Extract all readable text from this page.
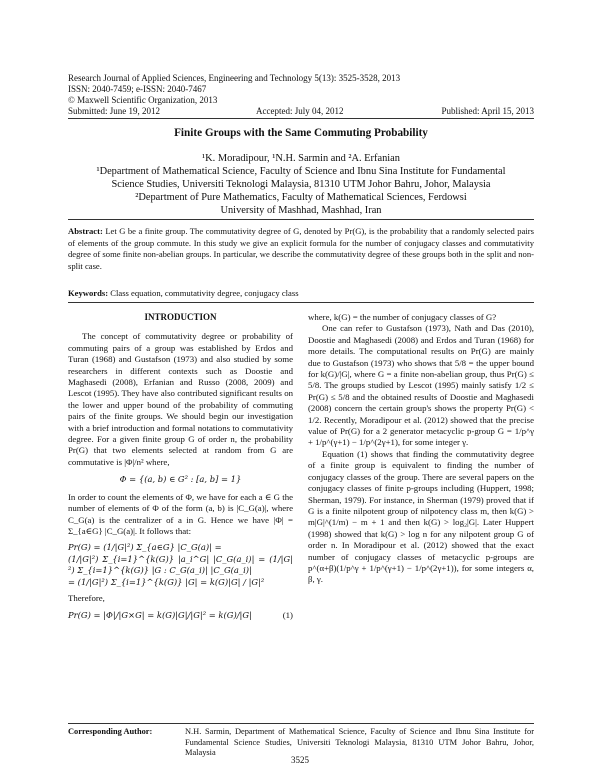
Research Journal of Applied Sciences, Engineering and Technology 5(13): 3525-3528, 2013
ISSN: 2040-7459; e-ISSN: 2040-7467
© Maxwell Scientific Organization, 2013
Submitted: June 19, 2012	Accepted: July 04, 2012	Published: April 15, 2013
Finite Groups with the Same Commuting Probability
¹K. Moradipour, ¹N.H. Sarmin and ²A. Erfanian
¹Department of Mathematical Science, Faculty of Science and Ibnu Sina Institute for Fundamental
Science Studies, Universiti Teknologi Malaysia, 81310 UTM Johor Bahru, Johor, Malaysia
²Department of Pure Mathematics, Faculty of Mathematical Sciences, Ferdowsi
University of Mashhad, Mashhad, Iran
Abstract: Let G be a finite group. The commutativity degree of G, denoted by Pr(G), is the probability that a randomly selected pairs of elements of the group commute. In this study we give an explicit formula for the number of conjugacy classes and commutativity degree of some finite non-abelian groups. In particular, we describe the commutativity degree of these groups both in the split and non-split case.
Keywords: Class equation, commutativity degree, conjugacy class

INTRODUCTION

The concept of commutativity degree or probability of commuting pairs of a group was established by Erdos and Turan (1968) and Gustafson (1973) and also studied by some researchers in different contexts such as Doostie and Maghasedi (2008), Erfanian and Russo (2008, 2009) and Lescot (1995). They have also contributed significant results on the lower and upper bound of the probability of commuting pairs of the finite groups. We should begin our investigation with a brief introduction and formal notations to commutativity degree. For a given finite group G of order n, the probability Pr(G) that two elements selected at random from G are commutative is |Φ|/n² where,

Φ = {(a, b) ∈ G² : [a, b] = 1}

In order to count the elements of Φ, we have for each a ∈ G the number of elements of Φ of the form (a, b) is |C_G(a)|, where C_G(a) is the centralizer of a in G. Hence we have |Φ| = Σ_{a∈G} |C_G(a)|. It follows that:

Pr(G) = (1/|G|²) Σ_{a∈G} |C_G(a)| =

(1/|G|²) Σ_{i=1}^{k(G)} |a_i^G| |C_G(a_i)| = (1/|G|²) Σ_{i=1}^{k(G)} |G : C_G(a_i)| |C_G(a_i)|

= (1/|G|²) Σ_{i=1}^{k(G)} |G| = k(G)|G| / |G|²

Therefore,

Pr(G) = |Φ|/|G×G| = k(G)|G|/|G|² = k(G)/|G|	(1)

where, k(G) = the number of conjugacy classes of G?

One can refer to Gustafson (1973), Nath and Das (2010), Doostie and Maghasedi (2008) and Erdos and Turan (1968) for more details. The computational results on Pr(G) are mainly due to Gustafson (1973) who shows that 5/8 = the upper bound for k(G)/|G|, where G = a finite non-abelian group, thus Pr(G) ≤ 5/8. The groups studied by Lescot (1995) mainly satisfy 1/2 ≤ Pr(G) ≤ 5/8 and the obtained results of Doostie and Maghasedi (2008) concern the certain group's shows the property Pr(G) < 1/2. Recently, Moradipour et al. (2012) showed that the precise value of Pr(G) for a 2 generator metacyclic p-group G = 1/p^γ + 1/p^(γ+1) − 1/p^(2γ+1), for some integer γ.

Equation (1) shows that finding the commutativity degree of a finite group is equivalent to finding the number of conjugacy classes of the group. There are several papers on the conjugacy classes of finite p-groups including (Huppert, 1998; Sherman, 1979). For instance, in Sherman (1979) proved that if G is a finite nilpotent group of nilpotency class m, then k(G) > m|G|^(1/m) − m + 1 and then k(G) > log₂|G|. Later Huppert (1998) showed that k(G) > log n for any nilpotent group G of order n. In Moradipour et al. (2012) showed that the exact number of conjugacy classes of metacyclic p-groups are p^(α+β)(1/p^γ + 1/p^(γ+1) − 1/p^(2γ+1)), for some integers α, β, γ.

Corresponding Author:	N.H. Sarmin, Department of Mathematical Science, Faculty of Science and Ibnu Sina Institute for Fundamental Science Studies, Universiti Teknologi Malaysia, 81310 UTM Johor Bahru, Johor, Malaysia
3525
